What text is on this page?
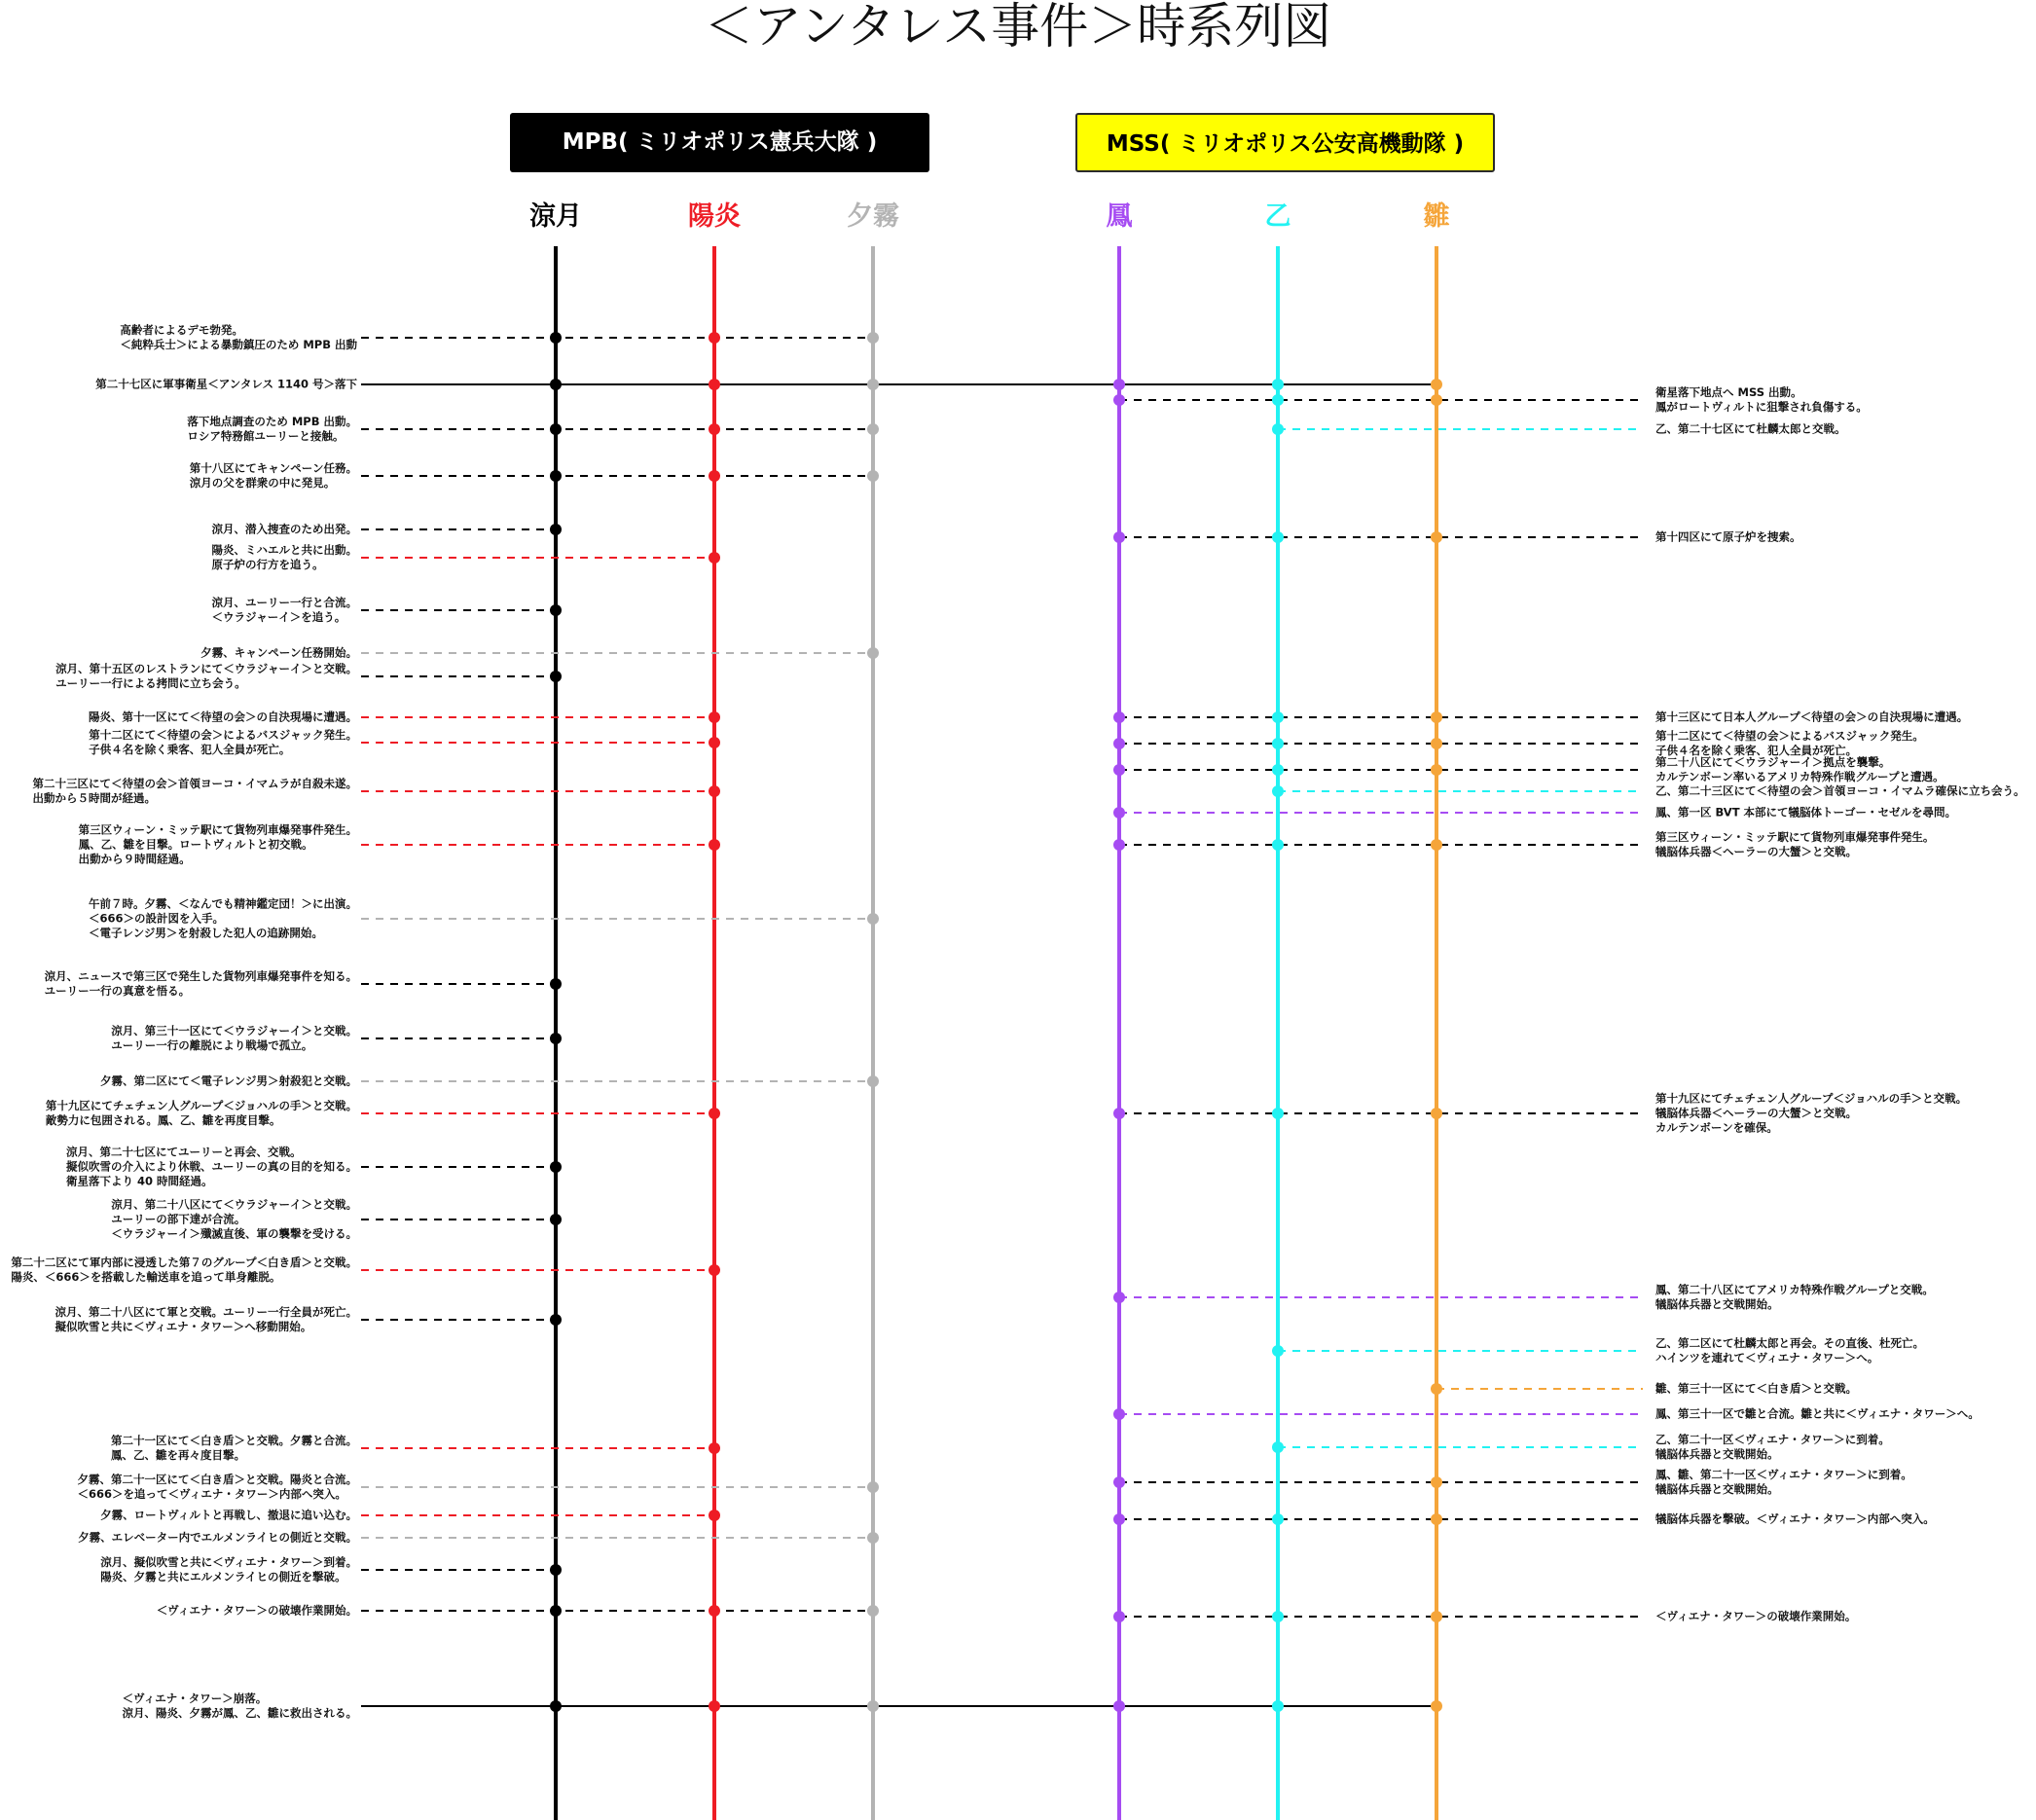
＜アンタレス事件＞時系列図
MPB( ミリオポリス憲兵大隊 )	MSS( ミリオポリス公安高機動隊 )
涼月	陽炎	夕霧	鳳	乙	雛
高齢者によるデモ勃発。
＜純粋兵士＞による暴動鎮圧のため MPB 出動
第二十七区に軍事衛星＜アンタレス 1140 号＞落下
衛星落下地点へ MSS 出動。
鳳がロートヴィルトに狙撃され負傷する。
落下地点調査のため MPB 出動。
ロシア特務館ユーリーと接触。
乙、第二十七区にて杜麟太郎と交戦。
第十八区にてキャンペーン任務。
涼月の父を群衆の中に発見。
涼月、潜入捜査のため出発。
第十四区にて原子炉を捜索。
陽炎、ミハエルと共に出動。
原子炉の行方を追う。
涼月、ユーリー一行と合流。
＜ウラジャーイ＞を追う。
夕霧、キャンペーン任務開始。
涼月、第十五区のレストランにて＜ウラジャーイ＞と交戦。
ユーリー一行による拷問に立ち会う。
陽炎、第十一区にて＜待望の会＞の自決現場に遭遇。	第十三区にて日本人グループ＜待望の会＞の自決現場に遭遇。
第十二区にて＜待望の会＞によるバスジャック発生。
子供４名を除く乗客、犯人全員が死亡。
第十二区にて＜待望の会＞によるバスジャック発生。
子供４名を除く乗客、犯人全員が死亡。
第二十八区にて＜ウラジャーイ＞拠点を襲撃。
カルテンボーン率いるアメリカ特殊作戦グループと遭遇。
第二十三区にて＜待望の会＞首領ヨーコ・イマムラが自殺未遂。
出動から５時間が経過。
乙、第二十三区にて＜待望の会＞首領ヨーコ・イマムラ確保に立ち会う。
鳳、第一区 BVT 本部にて犠脳体トーゴー・セゼルを尋問。
第三区ウィーン・ミッテ駅にて貨物列車爆発事件発生。
鳳、乙、雛を目撃。ロートヴィルトと初交戦。
出動から９時間経過。
第三区ウィーン・ミッテ駅にて貨物列車爆発事件発生。
犠脳体兵器＜ヘーラーの大蟹＞と交戦。
午前７時。夕霧、＜なんでも精神鑑定団！＞に出演。
＜666＞の設計図を入手。
＜電子レンジ男＞を射殺した犯人の追跡開始。
涼月、ニュースで第三区で発生した貨物列車爆発事件を知る。
ユーリー一行の真意を悟る。
涼月、第三十一区にて＜ウラジャーイ＞と交戦。
ユーリー一行の離脱により戦場で孤立。
夕霧、第二区にて＜電子レンジ男＞射殺犯と交戦。
第十九区にてチェチェン人グループ＜ジョハルの手＞と交戦。
敵勢力に包囲される。鳳、乙、雛を再度目撃。
第十九区にてチェチェン人グループ＜ジョハルの手＞と交戦。
犠脳体兵器＜ヘーラーの大蟹＞と交戦。
カルテンボーンを確保。
涼月、第二十七区にてユーリーと再会、交戦。
擬似吹雪の介入により休戦、ユーリーの真の目的を知る。
衛星落下より 40 時間経過。
涼月、第二十八区にて＜ウラジャーイ＞と交戦。
ユーリーの部下達が合流。
＜ウラジャーイ＞殲滅直後、軍の襲撃を受ける。
第二十二区にて軍内部に浸透した第７のグループ＜白き盾＞と交戦。
陽炎、＜666＞を搭載した輸送車を追って単身離脱。
鳳、第二十八区にてアメリカ特殊作戦グループと交戦。
犠脳体兵器と交戦開始。
涼月、第二十八区にて軍と交戦。ユーリー一行全員が死亡。
擬似吹雪と共に＜ヴィエナ・タワー＞へ移動開始。
乙、第二区にて杜麟太郎と再会。その直後、杜死亡。
ハインツを連れて＜ヴィエナ・タワー＞へ。
雛、第三十一区にて＜白き盾＞と交戦。
鳳、第三十一区で雛と合流。雛と共に＜ヴィエナ・タワー＞へ。
第二十一区にて＜白き盾＞と交戦。夕霧と合流。
鳳、乙、雛を再々度目撃。
乙、第二十一区＜ヴィエナ・タワー＞に到着。
犠脳体兵器と交戦開始。
鳳、雛、第二十一区＜ヴィエナ・タワー＞に到着。
犠脳体兵器と交戦開始。
夕霧、第二十一区にて＜白き盾＞と交戦。陽炎と合流。
＜666＞を追って＜ヴィエナ・タワー＞内部へ突入。
夕霧、ロートヴィルトと再戦し、撤退に追い込む。	犠脳体兵器を撃破。＜ヴィエナ・タワー＞内部へ突入。
夕霧、エレベーター内でエルメンライヒの側近と交戦。
涼月、擬似吹雪と共に＜ヴィエナ・タワー＞到着。
陽炎、夕霧と共にエルメンライヒの側近を撃破。
＜ヴィエナ・タワー＞の破壊作業開始。	＜ヴィエナ・タワー＞の破壊作業開始。
＜ヴィエナ・タワー＞崩落。
涼月、陽炎、夕霧が鳳、乙、雛に救出される。
